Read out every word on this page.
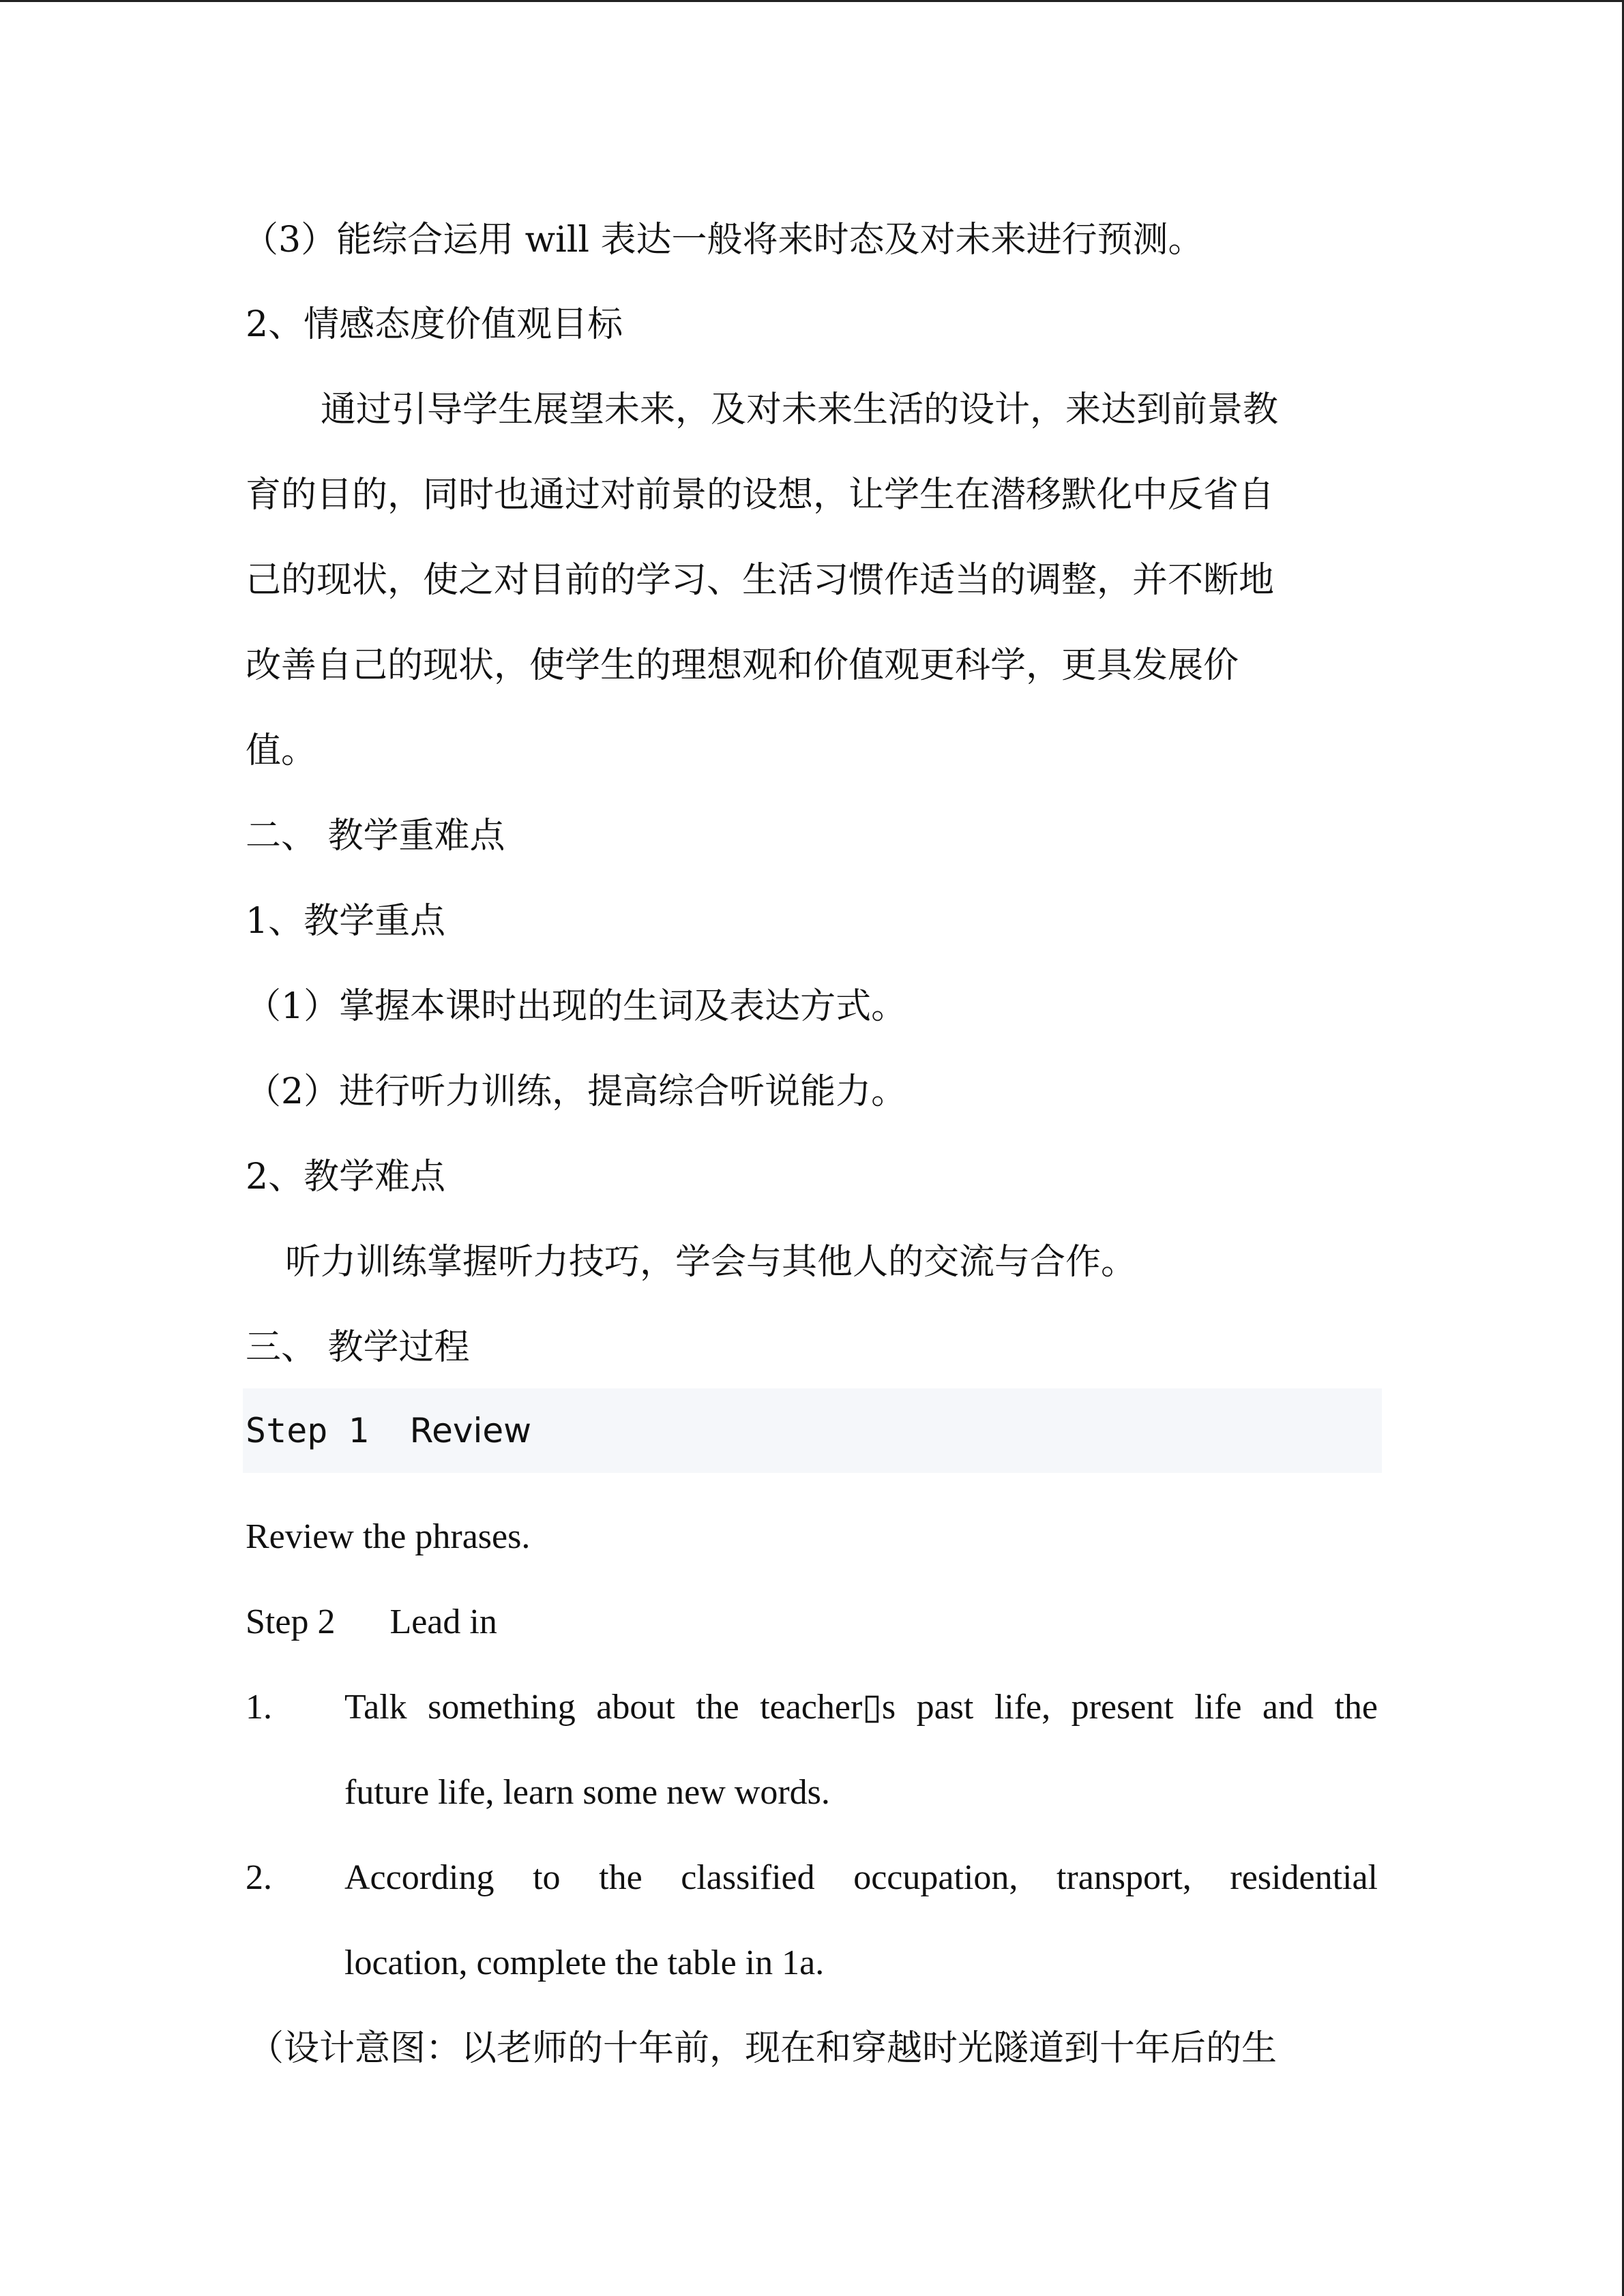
（3）能综合运用 will 表达一般将来时态及对未来进行预测。
2、情感态度价值观目标
通过引导学生展望未来，及对未来生活的设计，来达到前景教
育的目的，同时也通过对前景的设想，让学生在潜移默化中反省自
己的现状，使之对目前的学习、生活习惯作适当的调整，并不断地
改善自己的现状，使学生的理想观和价值观更科学，更具发展价
值。
二、 教学重难点
1、教学重点
（1）掌握本课时出现的生词及表达方式。
（2）进行听力训练，提高综合听说能力。
2、教学难点
听力训练掌握听力技巧，学会与其他人的交流与合作。
三、 教学过程
Step 1 Review
Review the phrases.
Step 2 Lead in
1. Talk something about the teacher▯s past life, present life and the
future life, learn some new words.
2. According to the classified occupation, transport, residential
location, complete the table in 1a.
（设计意图：以老师的十年前，现在和穿越时光隧道到十年后的生
